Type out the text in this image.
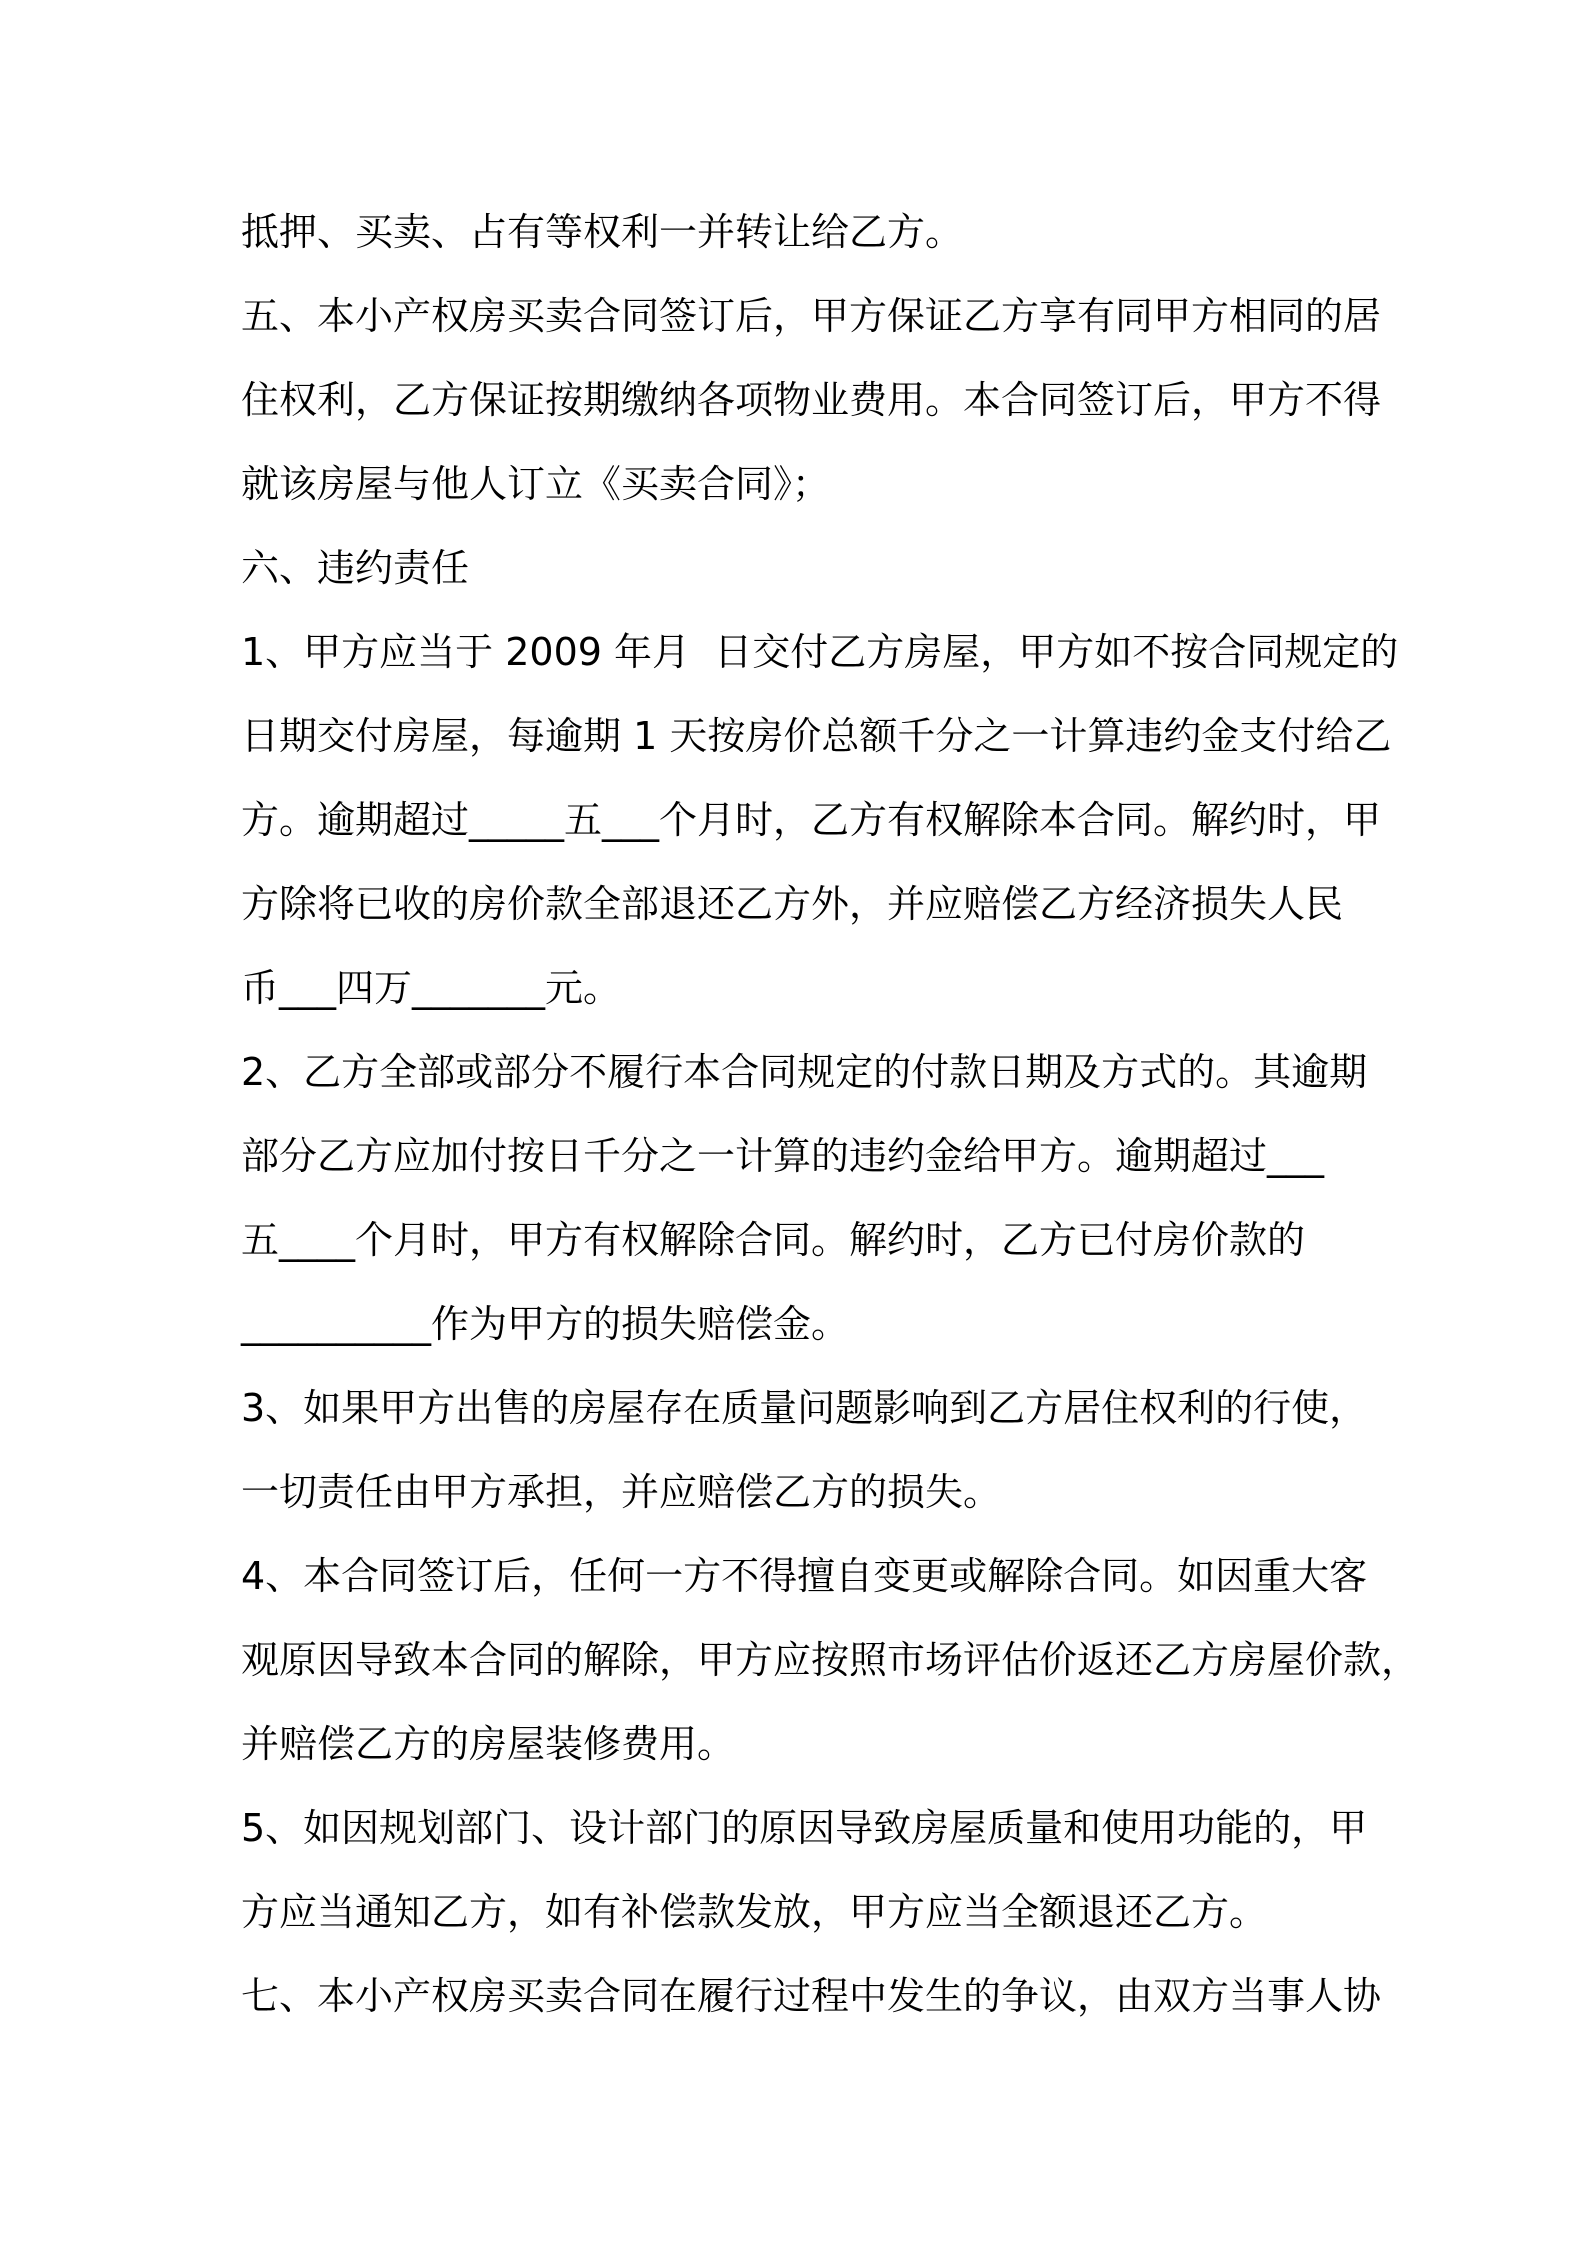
抵押、买卖、占有等权利一并转让给乙方。
五、本小产权房买卖合同签订后，甲方保证乙方享有同甲方相同的居
住权利，乙方保证按期缴纳各项物业费用。本合同签订后，甲方不得
就该房屋与他人订立《买卖合同》；
六、违约责任
1、甲方应当于 2009 年月  日交付乙方房屋，甲方如不按合同规定的
日期交付房屋，每逾期 1 天按房价总额千分之一计算违约金支付给乙
方。逾期超过_____五___个月时，乙方有权解除本合同。解约时，甲
方除将已收的房价款全部退还乙方外，并应赔偿乙方经济损失人民
币___四万_______元。
2、乙方全部或部分不履行本合同规定的付款日期及方式的。其逾期
部分乙方应加付按日千分之一计算的违约金给甲方。逾期超过___
五____个月时，甲方有权解除合同。解约时，乙方已付房价款的
__________作为甲方的损失赔偿金。
3、如果甲方出售的房屋存在质量问题影响到乙方居住权利的行使，
一切责任由甲方承担，并应赔偿乙方的损失。
4、本合同签订后，任何一方不得擅自变更或解除合同。如因重大客
观原因导致本合同的解除，甲方应按照市场评估价返还乙方房屋价款，
并赔偿乙方的房屋装修费用。
5、如因规划部门、设计部门的原因导致房屋质量和使用功能的，甲
方应当通知乙方，如有补偿款发放，甲方应当全额退还乙方。
七、本小产权房买卖合同在履行过程中发生的争议，由双方当事人协
